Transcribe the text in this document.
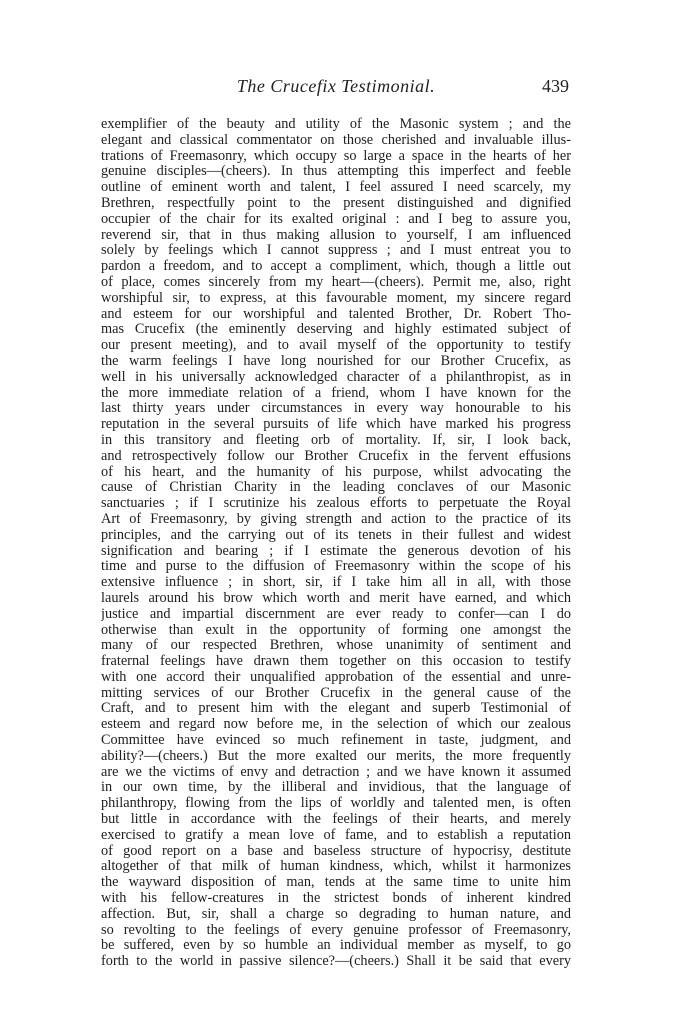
The Crucefix Testimonial.	439
exemplifier of the beauty and utility of the Masonic system ; and the
elegant and classical commentator on those cherished and invaluable illus-
trations of Freemasonry, which occupy so large a space in the hearts of her
genuine disciples—(cheers). In thus attempting this imperfect and feeble
outline of eminent worth and talent, I feel assured I need scarcely, my
Brethren, respectfully point to the present distinguished and dignified
occupier of the chair for its exalted original : and I beg to assure you,
reverend sir, that in thus making allusion to yourself, I am influenced
solely by feelings which I cannot suppress ; and I must entreat you to
pardon a freedom, and to accept a compliment, which, though a little out
of place, comes sincerely from my heart—(cheers). Permit me, also, right
worshipful sir, to express, at this favourable moment, my sincere regard
and esteem for our worshipful and talented Brother, Dr. Robert Tho-
mas Crucefix (the eminently deserving and highly estimated subject of
our present meeting), and to avail myself of the opportunity to testify
the warm feelings I have long nourished for our Brother Crucefix, as
well in his universally acknowledged character of a philanthropist, as in
the more immediate relation of a friend, whom I have known for the
last thirty years under circumstances in every way honourable to his
reputation in the several pursuits of life which have marked his progress
in this transitory and fleeting orb of mortality. If, sir, I look back,
and retrospectively follow our Brother Crucefix in the fervent effusions
of his heart, and the humanity of his purpose, whilst advocating the
cause of Christian Charity in the leading conclaves of our Masonic
sanctuaries ; if I scrutinize his zealous efforts to perpetuate the Royal
Art of Freemasonry, by giving strength and action to the practice of its
principles, and the carrying out of its tenets in their fullest and widest
signification and bearing ; if I estimate the generous devotion of his
time and purse to the diffusion of Freemasonry within the scope of his
extensive influence ; in short, sir, if I take him all in all, with those
laurels around his brow which worth and merit have earned, and which
justice and impartial discernment are ever ready to confer—can I do
otherwise than exult in the opportunity of forming one amongst the
many of our respected Brethren, whose unanimity of sentiment and
fraternal feelings have drawn them together on this occasion to testify
with one accord their unqualified approbation of the essential and unre-
mitting services of our Brother Crucefix in the general cause of the
Craft, and to present him with the elegant and superb Testimonial of
esteem and regard now before me, in the selection of which our zealous
Committee have evinced so much refinement in taste, judgment, and
ability?—(cheers.) But the more exalted our merits, the more frequently
are we the victims of envy and detraction ; and we have known it assumed
in our own time, by the illiberal and invidious, that the language of
philanthropy, flowing from the lips of worldly and talented men, is often
but little in accordance with the feelings of their hearts, and merely
exercised to gratify a mean love of fame, and to establish a reputation
of good report on a base and baseless structure of hypocrisy, destitute
altogether of that milk of human kindness, which, whilst it harmonizes
the wayward disposition of man, tends at the same time to unite him
with his fellow-creatures in the strictest bonds of inherent kindred
affection. But, sir, shall a charge so degrading to human nature, and
so revolting to the feelings of every genuine professor of Freemasonry,
be suffered, even by so humble an individual member as myself, to go
forth to the world in passive silence?—(cheers.) Shall it be said that every
